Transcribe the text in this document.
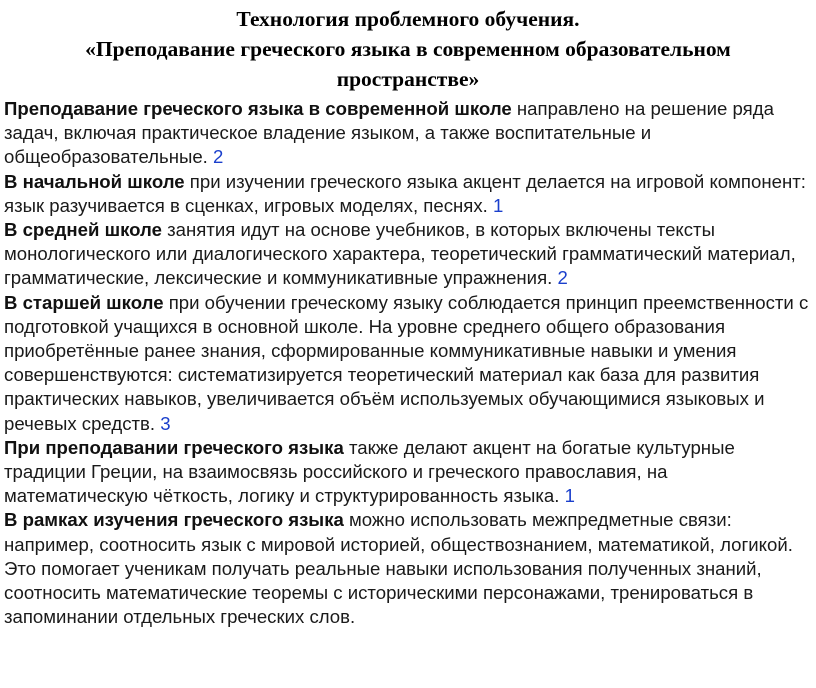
Технология проблемного обучения.
«Преподавание греческого языка в современном образовательном
пространстве»

Преподавание греческого языка в современной школе направлено на решение ряда задач, включая практическое владение языком, а также воспитательные и общеобразовательные. 2

В начальной школе при изучении греческого языка акцент делается на игровой компонент: язык разучивается в сценках, игровых моделях, песнях. 1

В средней школе занятия идут на основе учебников, в которых включены тексты монологического или диалогического характера, теоретический грамматический материал, грамматические, лексические и коммуникативные упражнения. 2

В старшей школе при обучении греческому языку соблюдается принцип преемственности с подготовкой учащихся в основной школе. На уровне среднего общего образования приобретённые ранее знания, сформированные коммуникативные навыки и умения совершенствуются: систематизируется теоретический материал как база для развития практических навыков, увеличивается объём используемых обучающимися языковых и речевых средств. 3

При преподавании греческого языка также делают акцент на богатые культурные традиции Греции, на взаимосвязь российского и греческого православия, на математическую чёткость, логику и структурированность языка. 1

В рамках изучения греческого языка можно использовать межпредметные связи: например, соотносить язык с мировой историей, обществознанием, математикой, логикой. Это помогает ученикам получать реальные навыки использования полученных знаний, соотносить математические теоремы с историческими персонажами, тренироваться в запоминании отдельных греческих слов.
